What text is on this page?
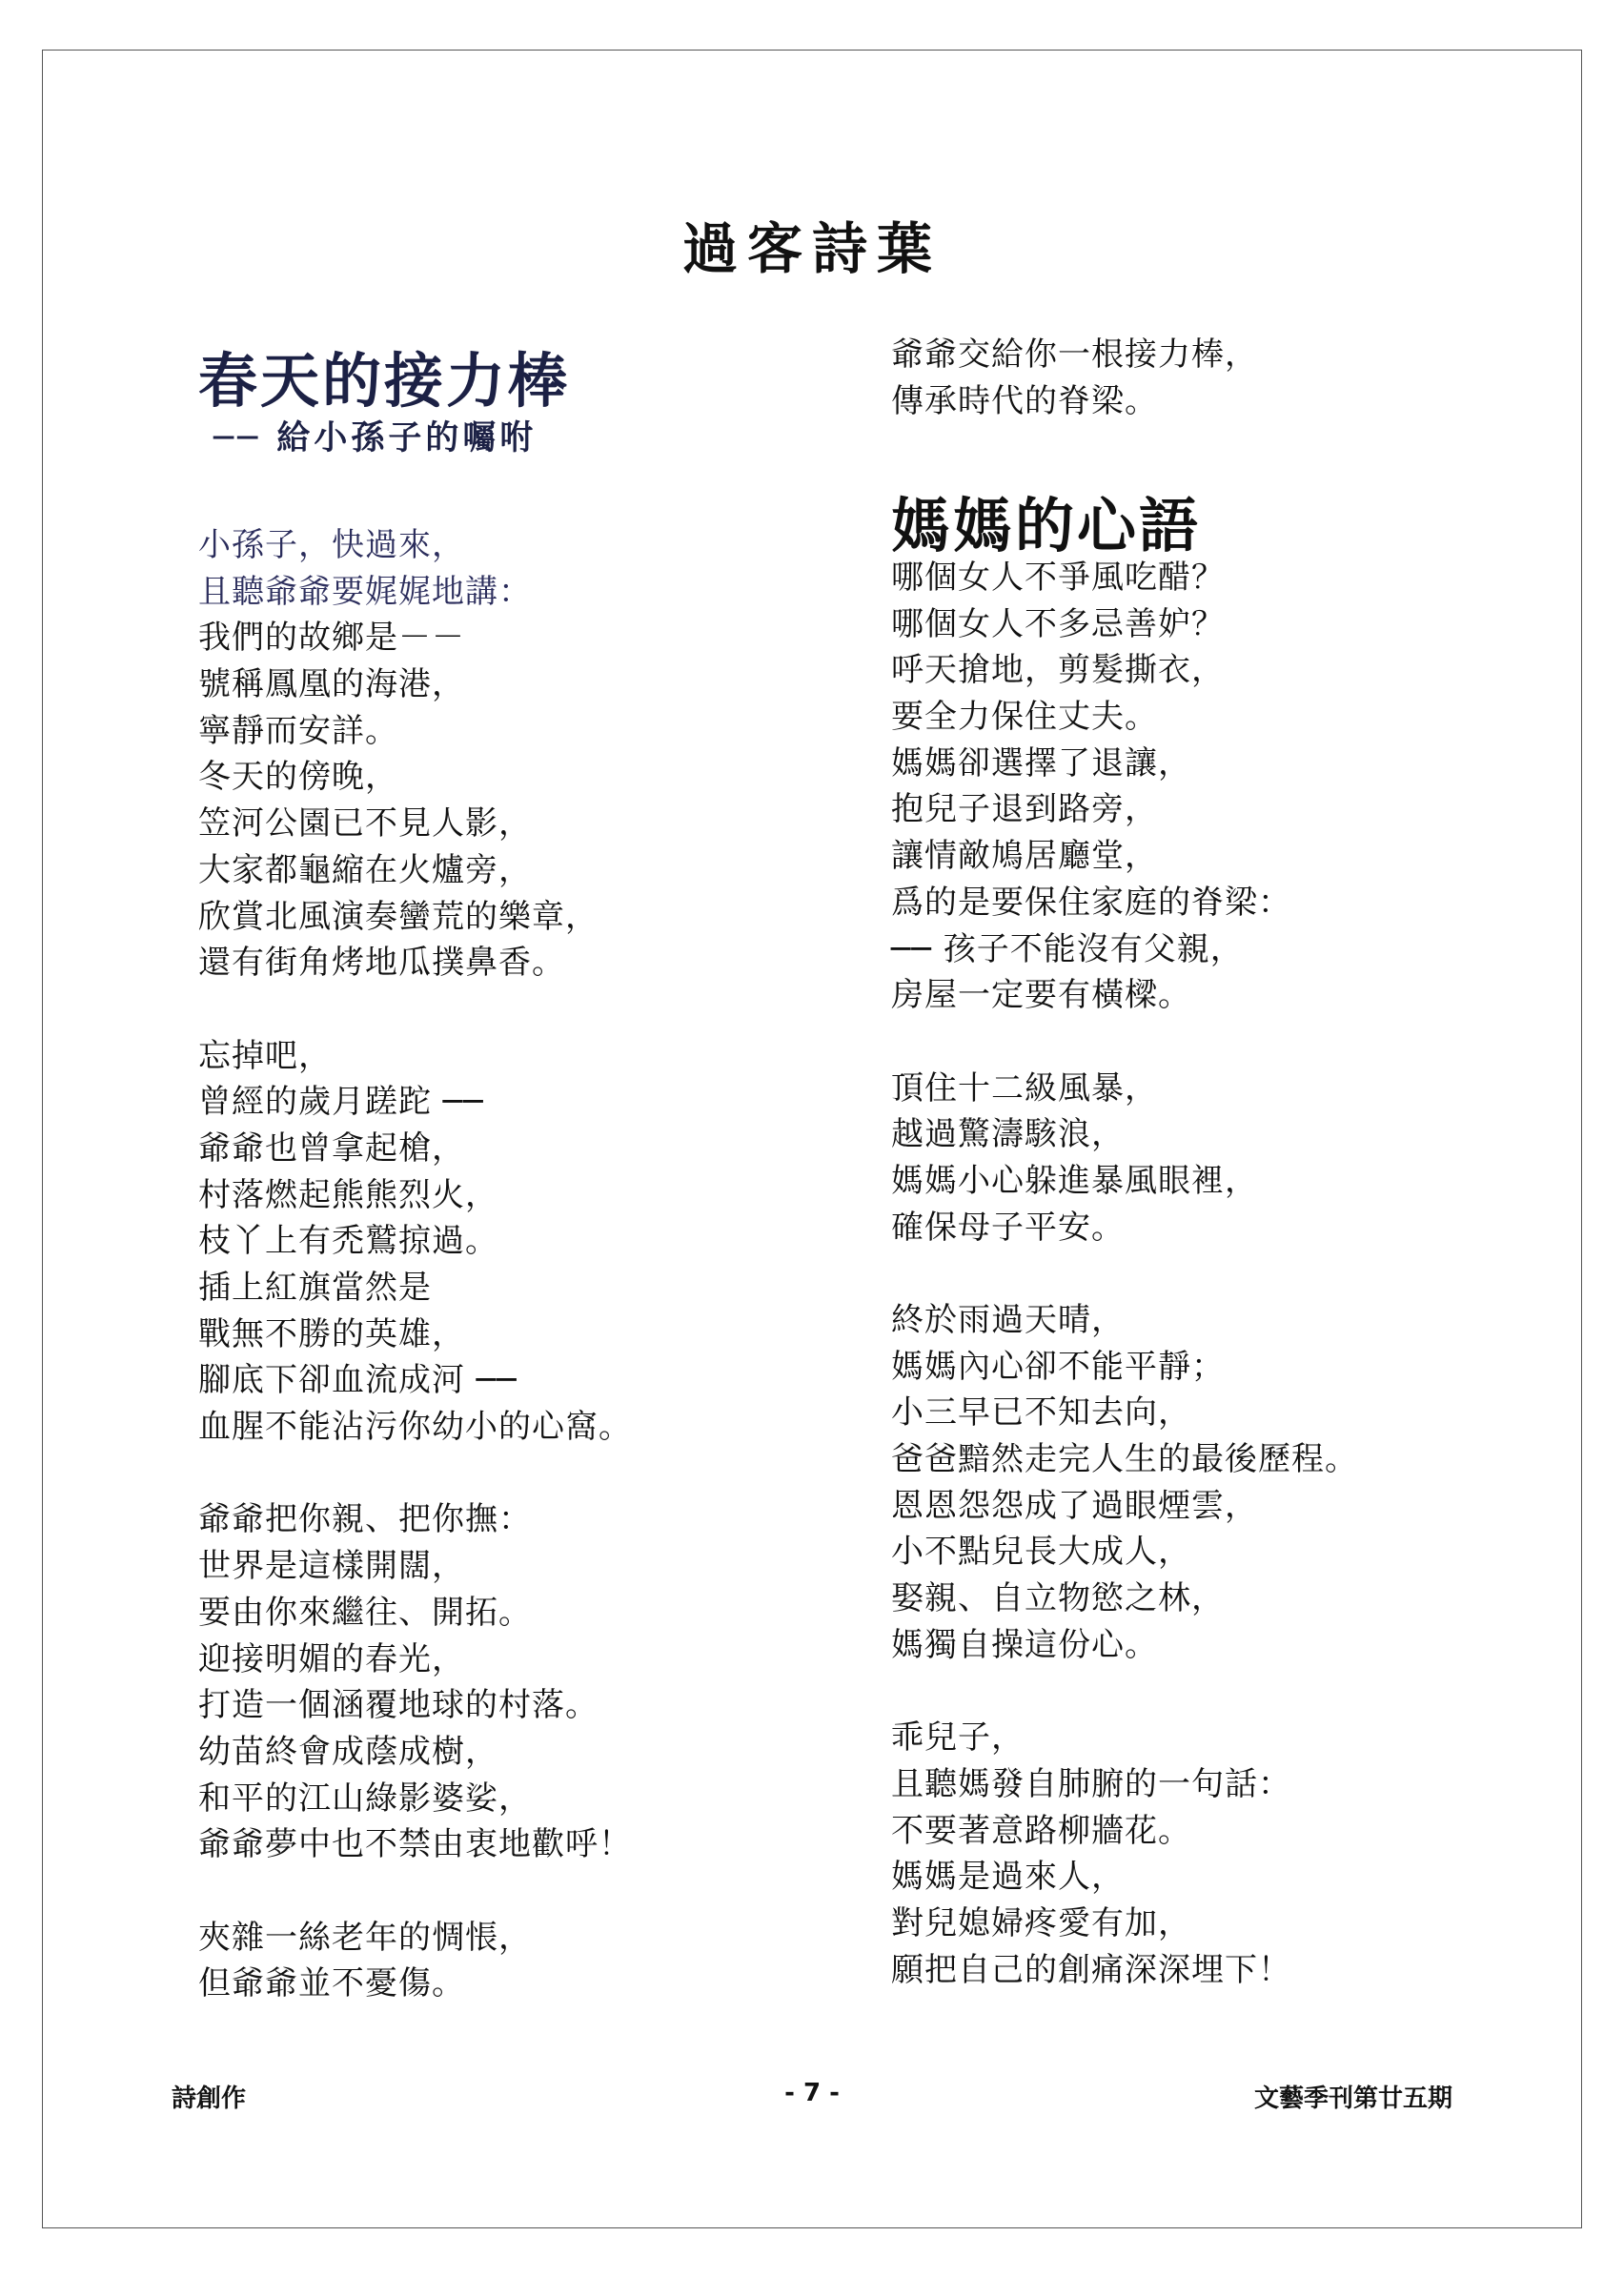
過客詩葉
春天的接力棒
── 給小孫子的囑咐
小孫子，快過來，
且聽爺爺要娓娓地講：
我們的故鄉是－－
號稱鳳凰的海港，
寧靜而安詳。
冬天的傍晚，
笠河公園已不見人影，
大家都龜縮在火爐旁，
欣賞北風演奏蠻荒的樂章，
還有街角烤地瓜撲鼻香。
忘掉吧，
曾經的歲月蹉跎 ──
爺爺也曾拿起槍，
村落燃起熊熊烈火，
枝丫上有禿鷲掠過。
插上紅旗當然是
戰無不勝的英雄，
腳底下卻血流成河 ──
血腥不能沾污你幼小的心窩。
爺爺把你親、把你撫：
世界是這樣開闊，
要由你來繼往、開拓。
迎接明媚的春光，
打造一個涵覆地球的村落。
幼苗終會成蔭成樹，
和平的江山綠影婆娑，
爺爺夢中也不禁由衷地歡呼！
夾雜一絲老年的惆悵，
但爺爺並不憂傷。
爺爺交給你一根接力棒，
傳承時代的脊梁。
媽媽的心語
哪個女人不爭風吃醋？
哪個女人不多忌善妒？
呼天搶地，剪髮撕衣，
要全力保住丈夫。
媽媽卻選擇了退讓，
抱兒子退到路旁，
讓情敵鳩居廳堂，
爲的是要保住家庭的脊梁：
── 孩子不能沒有父親，
房屋一定要有橫樑。
頂住十二級風暴，
越過驚濤駭浪，
媽媽小心躲進暴風眼裡，
確保母子平安。
終於雨過天晴，
媽媽內心卻不能平靜；
小三早已不知去向，
爸爸黯然走完人生的最後歷程。
恩恩怨怨成了過眼煙雲，
小不點兒長大成人，
娶親、自立物慾之林，
媽獨自操這份心。
乖兒子，
且聽媽發自肺腑的一句話：
不要著意路柳牆花。
媽媽是過來人，
對兒媳婦疼愛有加，
願把自己的創痛深深埋下！
詩創作	- 7 -	文藝季刊第廿五期
